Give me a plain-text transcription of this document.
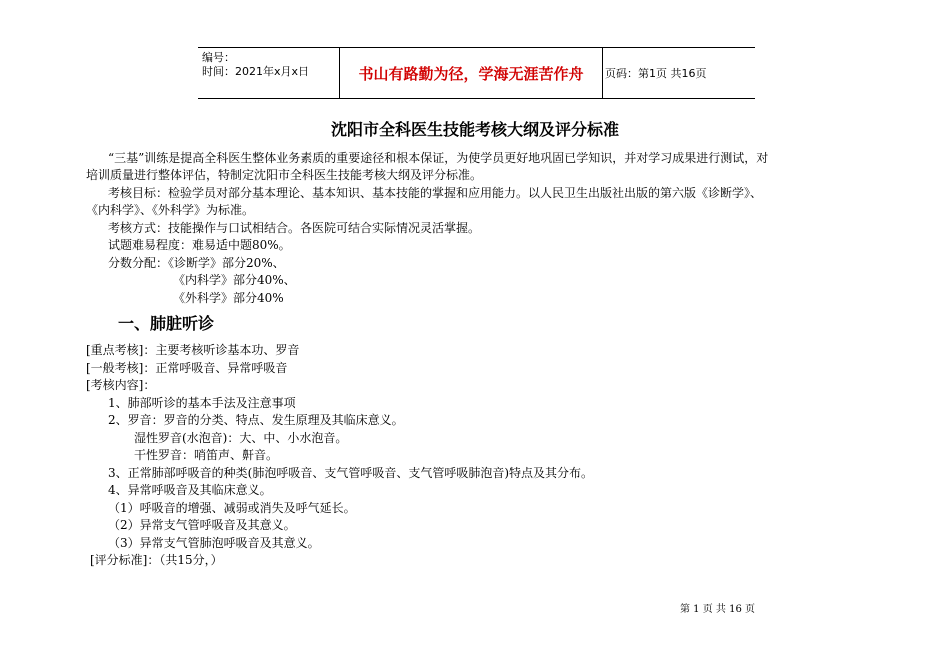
编号：
时间：2021年x月x日	书山有路勤为径，学海无涯苦作舟	页码：第1页 共16页
沈阳市全科医生技能考核大纲及评分标准
“三基”训练是提高全科医生整体业务素质的重要途径和根本保证，为使学员更好地巩固已学知识，并对学习成果进行测试，对
培训质量进行整体评估，特制定沈阳市全科医生技能考核大纲及评分标准。
考核目标：检验学员对部分基本理论、基本知识、基本技能的掌握和应用能力。以人民卫生出版社出版的第六版《诊断学》、
《内科学》、《外科学》为标准。
考核方式：技能操作与口试相结合。各医院可结合实际情况灵活掌握。
试题难易程度：难易适中题80%。
分数分配：《诊断学》部分20%、
《内科学》部分40%、
《外科学》部分40%
一、肺脏听诊
[重点考核]：主要考核听诊基本功、罗音
[一般考核]：正常呼吸音、异常呼吸音
[考核内容]：
1、肺部听诊的基本手法及注意事项
2、罗音：罗音的分类、特点、发生原理及其临床意义。
湿性罗音(水泡音)：大、中、小水泡音。
干性罗音：哨笛声、鼾音。
3、正常肺部呼吸音的种类(肺泡呼吸音、支气管呼吸音、支气管呼吸肺泡音)特点及其分布。
4、异常呼吸音及其临床意义。
（1）呼吸音的增强、减弱或消失及呼气延长。
（2）异常支气管呼吸音及其意义。
（3）异常支气管肺泡呼吸音及其意义。
[评分标准]：（共15分，）
第 1 页 共 16 页
